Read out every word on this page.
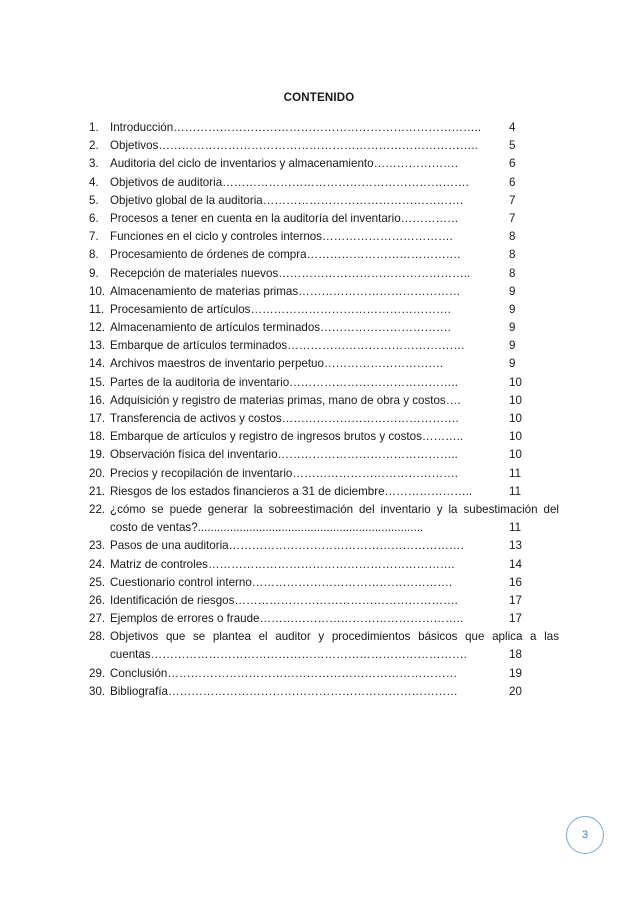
CONTENIDO
1. Introducción…………………………………………………………………….. 4
2. Objetivos………………………………………………………………………..	5
3. Auditoria del ciclo de inventarios y almacenamiento………………….	6
4. Objetivos de auditoria……………………………………………………….	6
5. Objetivo global de la auditoria…………………………………………….	7
6. Procesos a tener en cuenta en la auditoría del inventario……………	7
7. Funciones en el ciclo y controles internos…………………………….	8
8. Procesamiento de órdenes de compra………………………………….	8
9. Recepción de materiales nuevos…………………………………………..	8
10. Almacenamiento de materias primas……………………………………	9
11. Procesamiento de artículos…………………………………………….	9
12. Almacenamiento de artículos terminados…………………………….	9
13. Embarque de artículos terminados……………………………………….	9
14. Archivos maestros de inventario perpetuo………………………….	9
15. Partes de la auditoria de inventario……………………………………..	10
16. Adquisición y registro de materias primas, mano de obra y costos….	10
17. Transferencia de activos y costos……………………………………….	10
18. Embarque de artículos y registro de ingresos brutos y costos………..	10
19. Observación física del inventario………………………………………..	10
20. Precios y recopilación de inventario…………………………………….	11
21. Riesgos de los estados financieros a 31 de diciembre…………………..	11
22. ¿cómo se puede generar la sobreestimación del inventario y la subestimación del
costo de ventas?......................................................................	11
23. Pasos de una auditoria…………………………………………………….	13
24. Matriz de controles……………………………………………………….	14
25. Cuestionario control interno…………………………………………….	16
26. Identificación de riesgos………………………………………………….	17
27. Ejemplos de errores o fraude……………………………………………..	17
28. Objetivos que se plantea el auditor y procedimientos básicos que aplica a las
cuentas……………………………………………………………………….	18
29. Conclusión…………………………………………………………………	19
30. Bibliografía…………………………………………………………………	20
3
